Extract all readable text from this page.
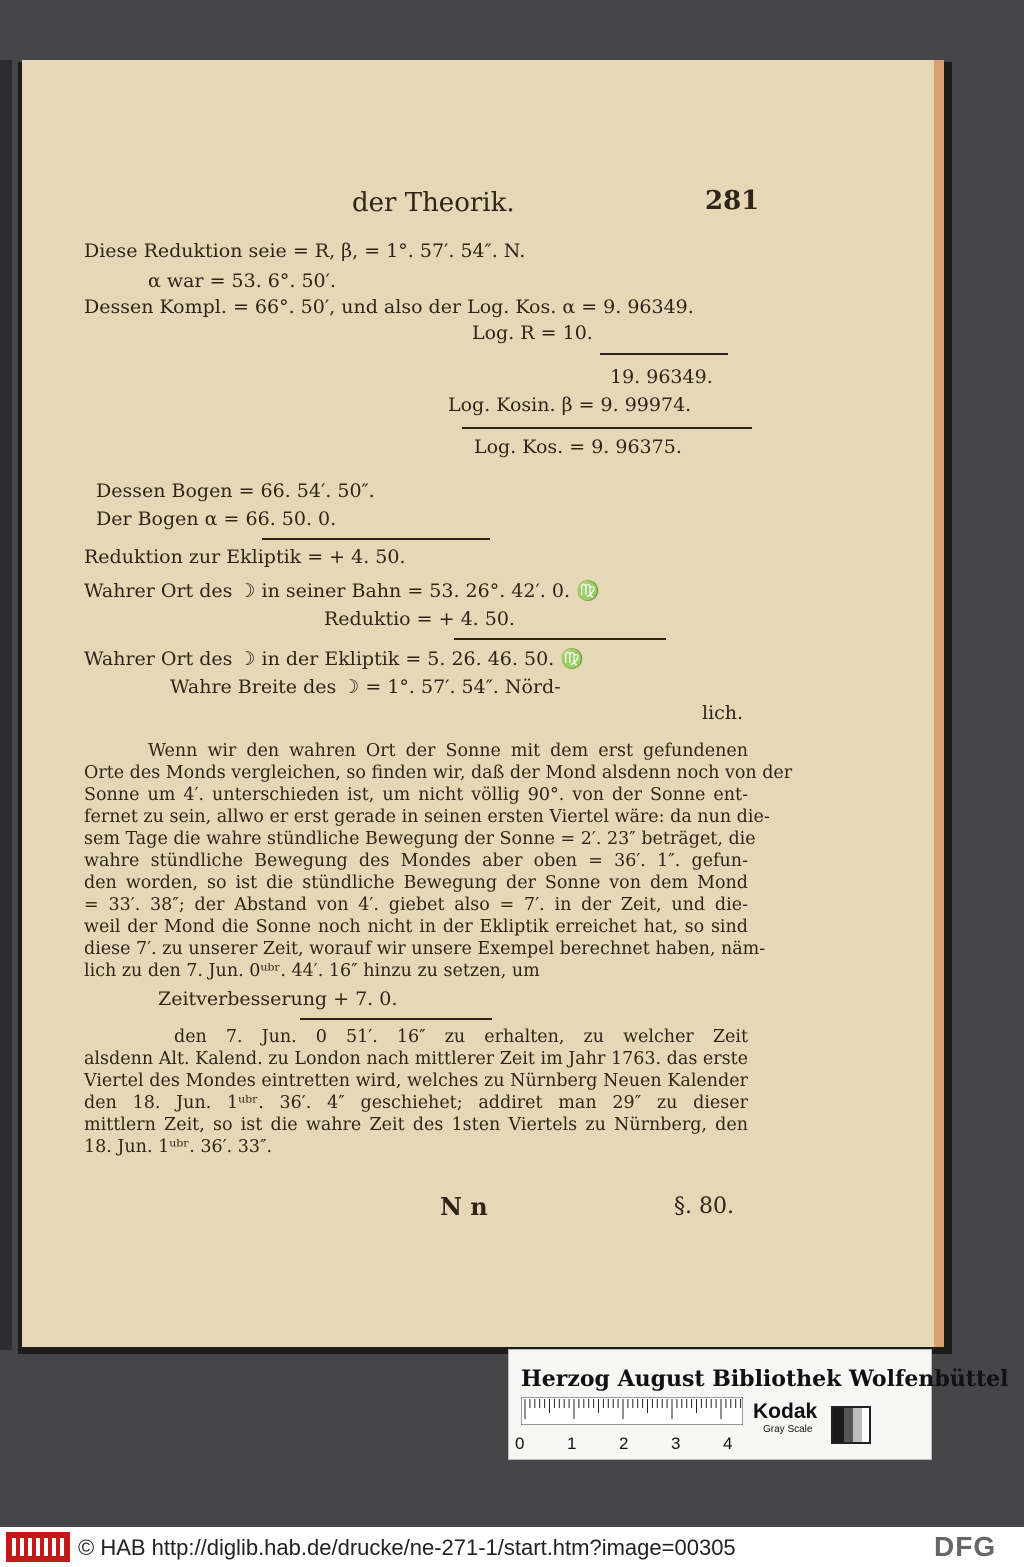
der Theorik.	281
Diese Reduktion seie = R, β, = 1°. 57′. 54″. N.
α war = 53. 6°. 50′.
Dessen Kompl. = 66°. 50′, und also der Log. Kos. α = 9. 96349.
Log. R = 10.
19. 96349.
Log. Kosin. β = 9. 99974.
Log. Kos. = 9. 96375.
Dessen Bogen = 66. 54′. 50″.
Der Bogen α = 66. 50. 0.
Reduktion zur Ekliptik = + 4. 50.
Wahrer Ort des ☽ in seiner Bahn = 53. 26°. 42′. 0. ♍
Reduktio = + 4. 50.
Wahrer Ort des ☽ in der Ekliptik = 5. 26. 46. 50. ♍
Wahre Breite des ☽ = 1°. 57′. 54″. Nörd-
lich.
Wenn wir den wahren Ort der Sonne mit dem erst gefundenen
Orte des Monds vergleichen, so finden wir, daß der Mond alsdenn noch von der
Sonne um 4′. unterschieden ist, um nicht völlig 90°. von der Sonne ent-
fernet zu sein, allwo er erst gerade in seinen ersten Viertel wäre: da nun die-
sem Tage die wahre stündliche Bewegung der Sonne = 2′. 23″ beträget, die
wahre stündliche Bewegung des Mondes aber oben = 36′. 1″. gefun-
den worden, so ist die stündliche Bewegung der Sonne von dem Mond
= 33′. 38″; der Abstand von 4′. giebet also = 7′. in der Zeit, und die-
weil der Mond die Sonne noch nicht in der Ekliptik erreichet hat, so sind
diese 7′. zu unserer Zeit, worauf wir unsere Exempel berechnet haben, näm-
lich zu den 7. Jun. 0ᵘᵇʳ. 44′. 16″ hinzu zu setzen, um
Zeitverbesserung + 7. 0.
den 7. Jun. 0 51′. 16″ zu erhalten, zu welcher Zeit
alsdenn Alt. Kalend. zu London nach mittlerer Zeit im Jahr 1763. das erste
Viertel des Mondes eintretten wird, welches zu Nürnberg Neuen Kalender
den 18. Jun. 1ᵘᵇʳ. 36′. 4″ geschiehet; addiret man 29″ zu dieser
mittlern Zeit, so ist die wahre Zeit des 1sten Viertels zu Nürnberg, den
18. Jun. 1ᵘᵇʳ. 36′. 33″.
N n	§. 80.
Herzog August Bibliothek Wolfenbüttel
0	1	2	3	4
Kodak
Gray Scale
© HAB http://diglib.hab.de/drucke/ne-271-1/start.htm?image=00305	DFG
